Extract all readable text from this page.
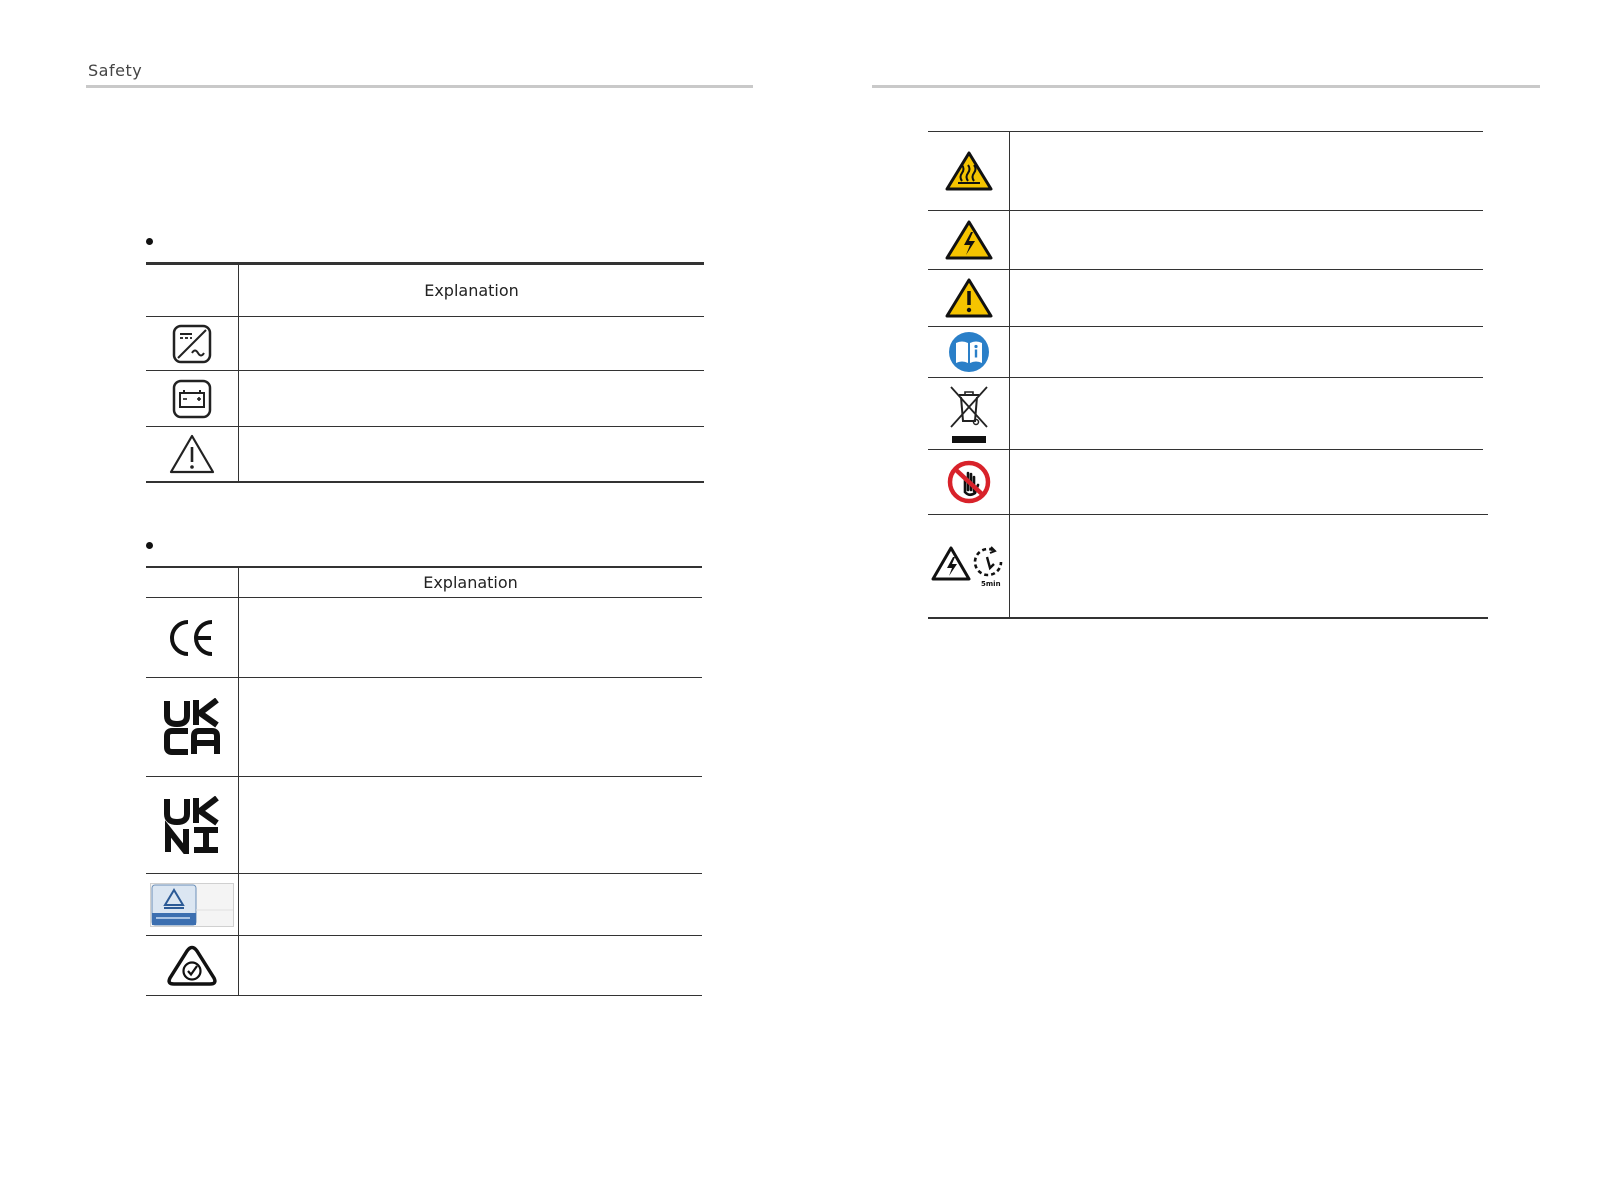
Safety
Explanation
Explanation	5min
